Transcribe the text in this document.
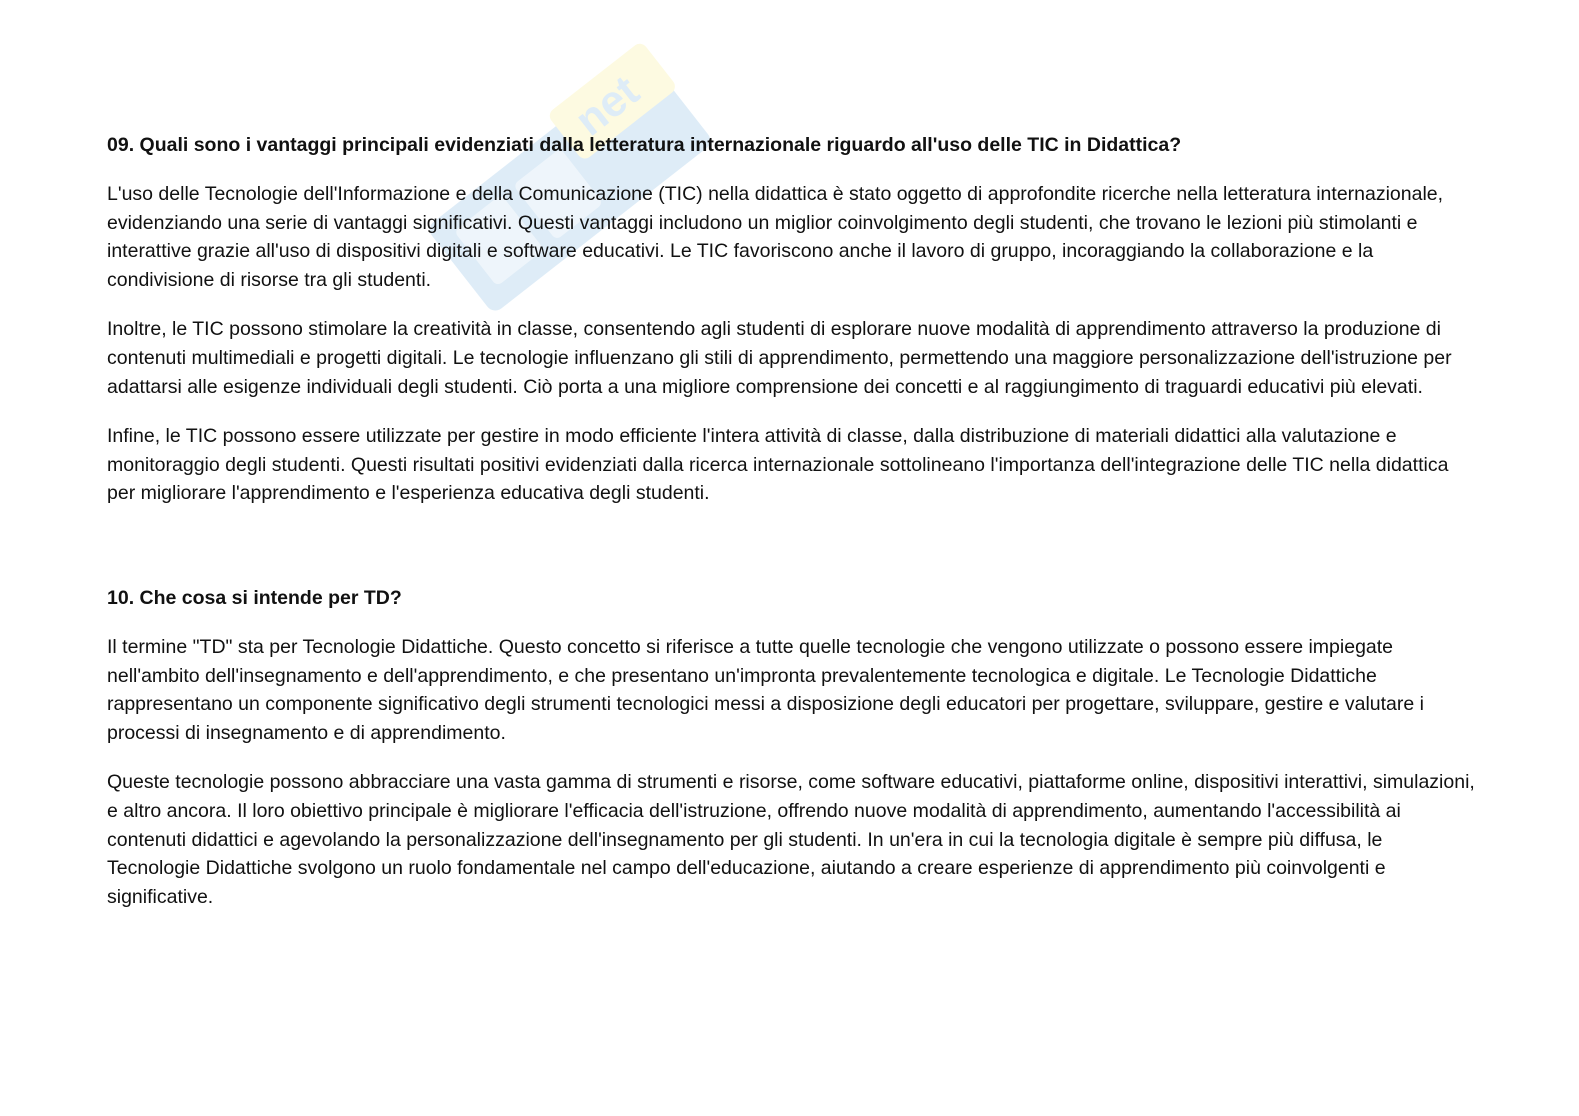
net

09. Quali sono i vantaggi principali evidenziati dalla letteratura internazionale riguardo all'uso delle TIC in Didattica?

L'uso delle Tecnologie dell'Informazione e della Comunicazione (TIC) nella didattica è stato oggetto di approfondite ricerche nella letteratura internazionale, evidenziando una serie di vantaggi significativi. Questi vantaggi includono un miglior coinvolgimento degli studenti, che trovano le lezioni più stimolanti e interattive grazie all'uso di dispositivi digitali e software educativi. Le TIC favoriscono anche il lavoro di gruppo, incoraggiando la collaborazione e la condivisione di risorse tra gli studenti.

Inoltre, le TIC possono stimolare la creatività in classe, consentendo agli studenti di esplorare nuove modalità di apprendimento attraverso la produzione di contenuti multimediali e progetti digitali. Le tecnologie influenzano gli stili di apprendimento, permettendo una maggiore personalizzazione dell'istruzione per adattarsi alle esigenze individuali degli studenti. Ciò porta a una migliore comprensione dei concetti e al raggiungimento di traguardi educativi più elevati.

Infine, le TIC possono essere utilizzate per gestire in modo efficiente l'intera attività di classe, dalla distribuzione di materiali didattici alla valutazione e monitoraggio degli studenti. Questi risultati positivi evidenziati dalla ricerca internazionale sottolineano l'importanza dell'integrazione delle TIC nella didattica per migliorare l'apprendimento e l'esperienza educativa degli studenti.

10. Che cosa si intende per TD?

Il termine "TD" sta per Tecnologie Didattiche. Questo concetto si riferisce a tutte quelle tecnologie che vengono utilizzate o possono essere impiegate nell'ambito dell'insegnamento e dell'apprendimento, e che presentano un'impronta prevalentemente tecnologica e digitale. Le Tecnologie Didattiche rappresentano un componente significativo degli strumenti tecnologici messi a disposizione degli educatori per progettare, sviluppare, gestire e valutare i processi di insegnamento e di apprendimento.

Queste tecnologie possono abbracciare una vasta gamma di strumenti e risorse, come software educativi, piattaforme online, dispositivi interattivi, simulazioni, e altro ancora. Il loro obiettivo principale è migliorare l'efficacia dell'istruzione, offrendo nuove modalità di apprendimento, aumentando l'accessibilità ai contenuti didattici e agevolando la personalizzazione dell'insegnamento per gli studenti. In un'era in cui la tecnologia digitale è sempre più diffusa, le Tecnologie Didattiche svolgono un ruolo fondamentale nel campo dell'educazione, aiutando a creare esperienze di apprendimento più coinvolgenti e significative.
